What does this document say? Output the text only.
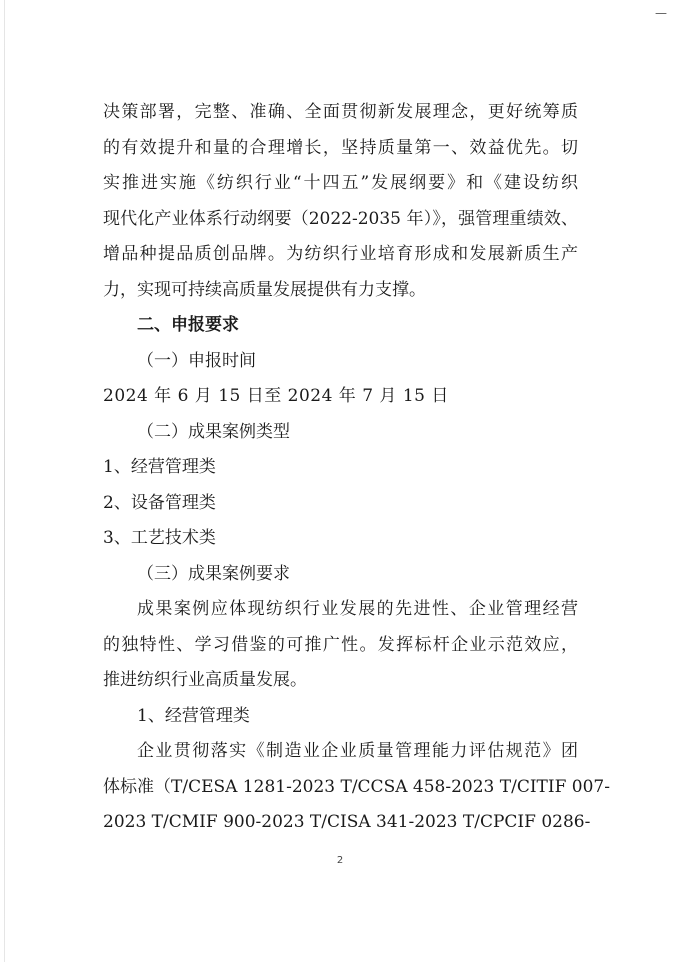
—
决策部署，完整、准确、全面贯彻新发展理念，更好统筹质
的有效提升和量的合理增长，坚持质量第一、效益优先。切
实推进实施《纺织行业“十四五”发展纲要》和《建设纺织
现代化产业体系行动纲要（2022-2035 年）》，强管理重绩效、
增品种提品质创品牌。为纺织行业培育形成和发展新质生产
力，实现可持续高质量发展提供有力支撑。
二、申报要求
（一）申报时间
2024 年 6 月 15 日至 2024 年 7 月 15 日
（二）成果案例类型
1、经营管理类
2、设备管理类
3、工艺技术类
（三）成果案例要求
成果案例应体现纺织行业发展的先进性、企业管理经营
的独特性、学习借鉴的可推广性。发挥标杆企业示范效应，
推进纺织行业高质量发展。
1、经营管理类
企业贯彻落实《制造业企业质量管理能力评估规范》团
体标准（T/CESA 1281-2023 T/CCSA 458-2023 T/CITIF 007-
2023 T/CMIF 900-2023 T/CISA 341-2023 T/CPCIF 0286-
2
